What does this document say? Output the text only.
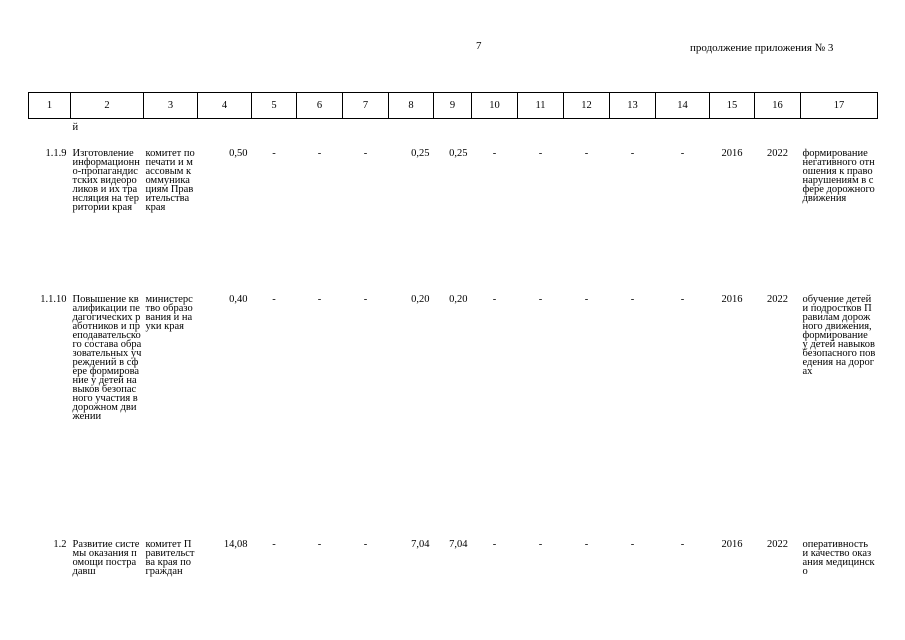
7	продолжение приложения № 3
1	2	3	4	5	6	7	8	9	10	11	12	13	14	15	16	17
	й															
1.1.9	Изготовление информационно-пропагандистских видеороликов и их трансляция на территории края	комитет по печати и массовым коммуникациям Правительства края	0,50	-	-	-	0,25	0,25	-	-	-	-	-	2016	2022	формирование негативного отношения к правонарушениям в сфере дорожного движения
1.1.10	Повышение квалификации педагогических работников и преподавательского состава образовательных учреждений в сфере формирование у детей навыков безопасного участия в дорожном движении	министерство образования и науки края	0,40	-	-	-	0,20	0,20	-	-	-	-	-	2016	2022	обучение детей и подростков Правилам дорожного движения, формирование у детей навыков безопасного поведения на дорогах
1.2	Развитие системы оказания помощи пострадавш	комитет Правительства края по граждан	14,08	-	-	-	7,04	7,04	-	-	-	-	-	2016	2022	оперативность и качество оказания медицинско
